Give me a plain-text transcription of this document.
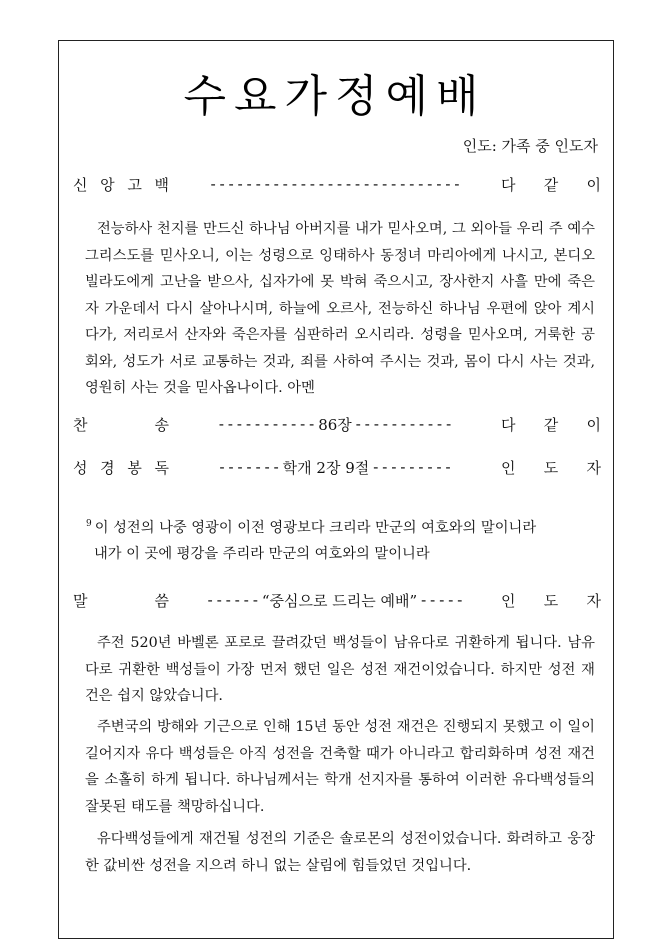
수요가정예배
인도: 가족 중 인도자
신 앙 고 백	----------------------------	다 같 이

전능하사 천지를 만드신 하나님 아버지를 내가 믿사오며, 그 외아들 우리 주 예수 그리스도를 믿사오니, 이는 성령으로 잉태하사 동정녀 마리아에게 나시고, 본디오 빌라도에게 고난을 받으사, 십자가에 못 박혀 죽으시고, 장사한지 사흘 만에 죽은 자 가운데서 다시 살아나시며, 하늘에 오르사, 전능하신 하나님 우편에 앉아 계시다가, 저리로서 산자와 죽은자를 심판하러 오시리라. 성령을 믿사오며, 거룩한 공회와, 성도가 서로 교통하는 것과, 죄를 사하여 주시는 것과, 몸이 다시 사는 것과, 영원히 사는 것을 믿사옵나이다. 아멘

찬	송	----------- 86장 -----------	다 같 이
성 경 봉 독	------- 학개 2장 9절 ---------	인 도 자

$^9$ 이 성전의 나중 영광이 이전 영광보다 크리라 만군의 여호와의 말이니라
내가 이 곳에 평강을 주리라 만군의 여호와의 말이니라

말	씀 ------ “중심으로 드리는 예배” ----- 인 도 자

주전 520년 바벨론 포로로 끌려갔던 백성들이 남유다로 귀환하게 됩니다. 남유다로 귀환한 백성들이 가장 먼저 했던 일은 성전 재건이었습니다. 하지만 성전 재건은 쉽지 않았습니다.

주변국의 방해와 기근으로 인해 15년 동안 성전 재건은 진행되지 못했고 이 일이 길어지자 유다 백성들은 아직 성전을 건축할 때가 아니라고 합리화하며 성전 재건을 소홀히 하게 됩니다. 하나님께서는 학개 선지자를 통하여 이러한 유다백성들의 잘못된 태도를 책망하십니다.

유다백성들에게 재건될 성전의 기준은 솔로몬의 성전이었습니다. 화려하고 웅장한 값비싼 성전을 지으려 하니 없는 살림에 힘들었던 것입니다.
